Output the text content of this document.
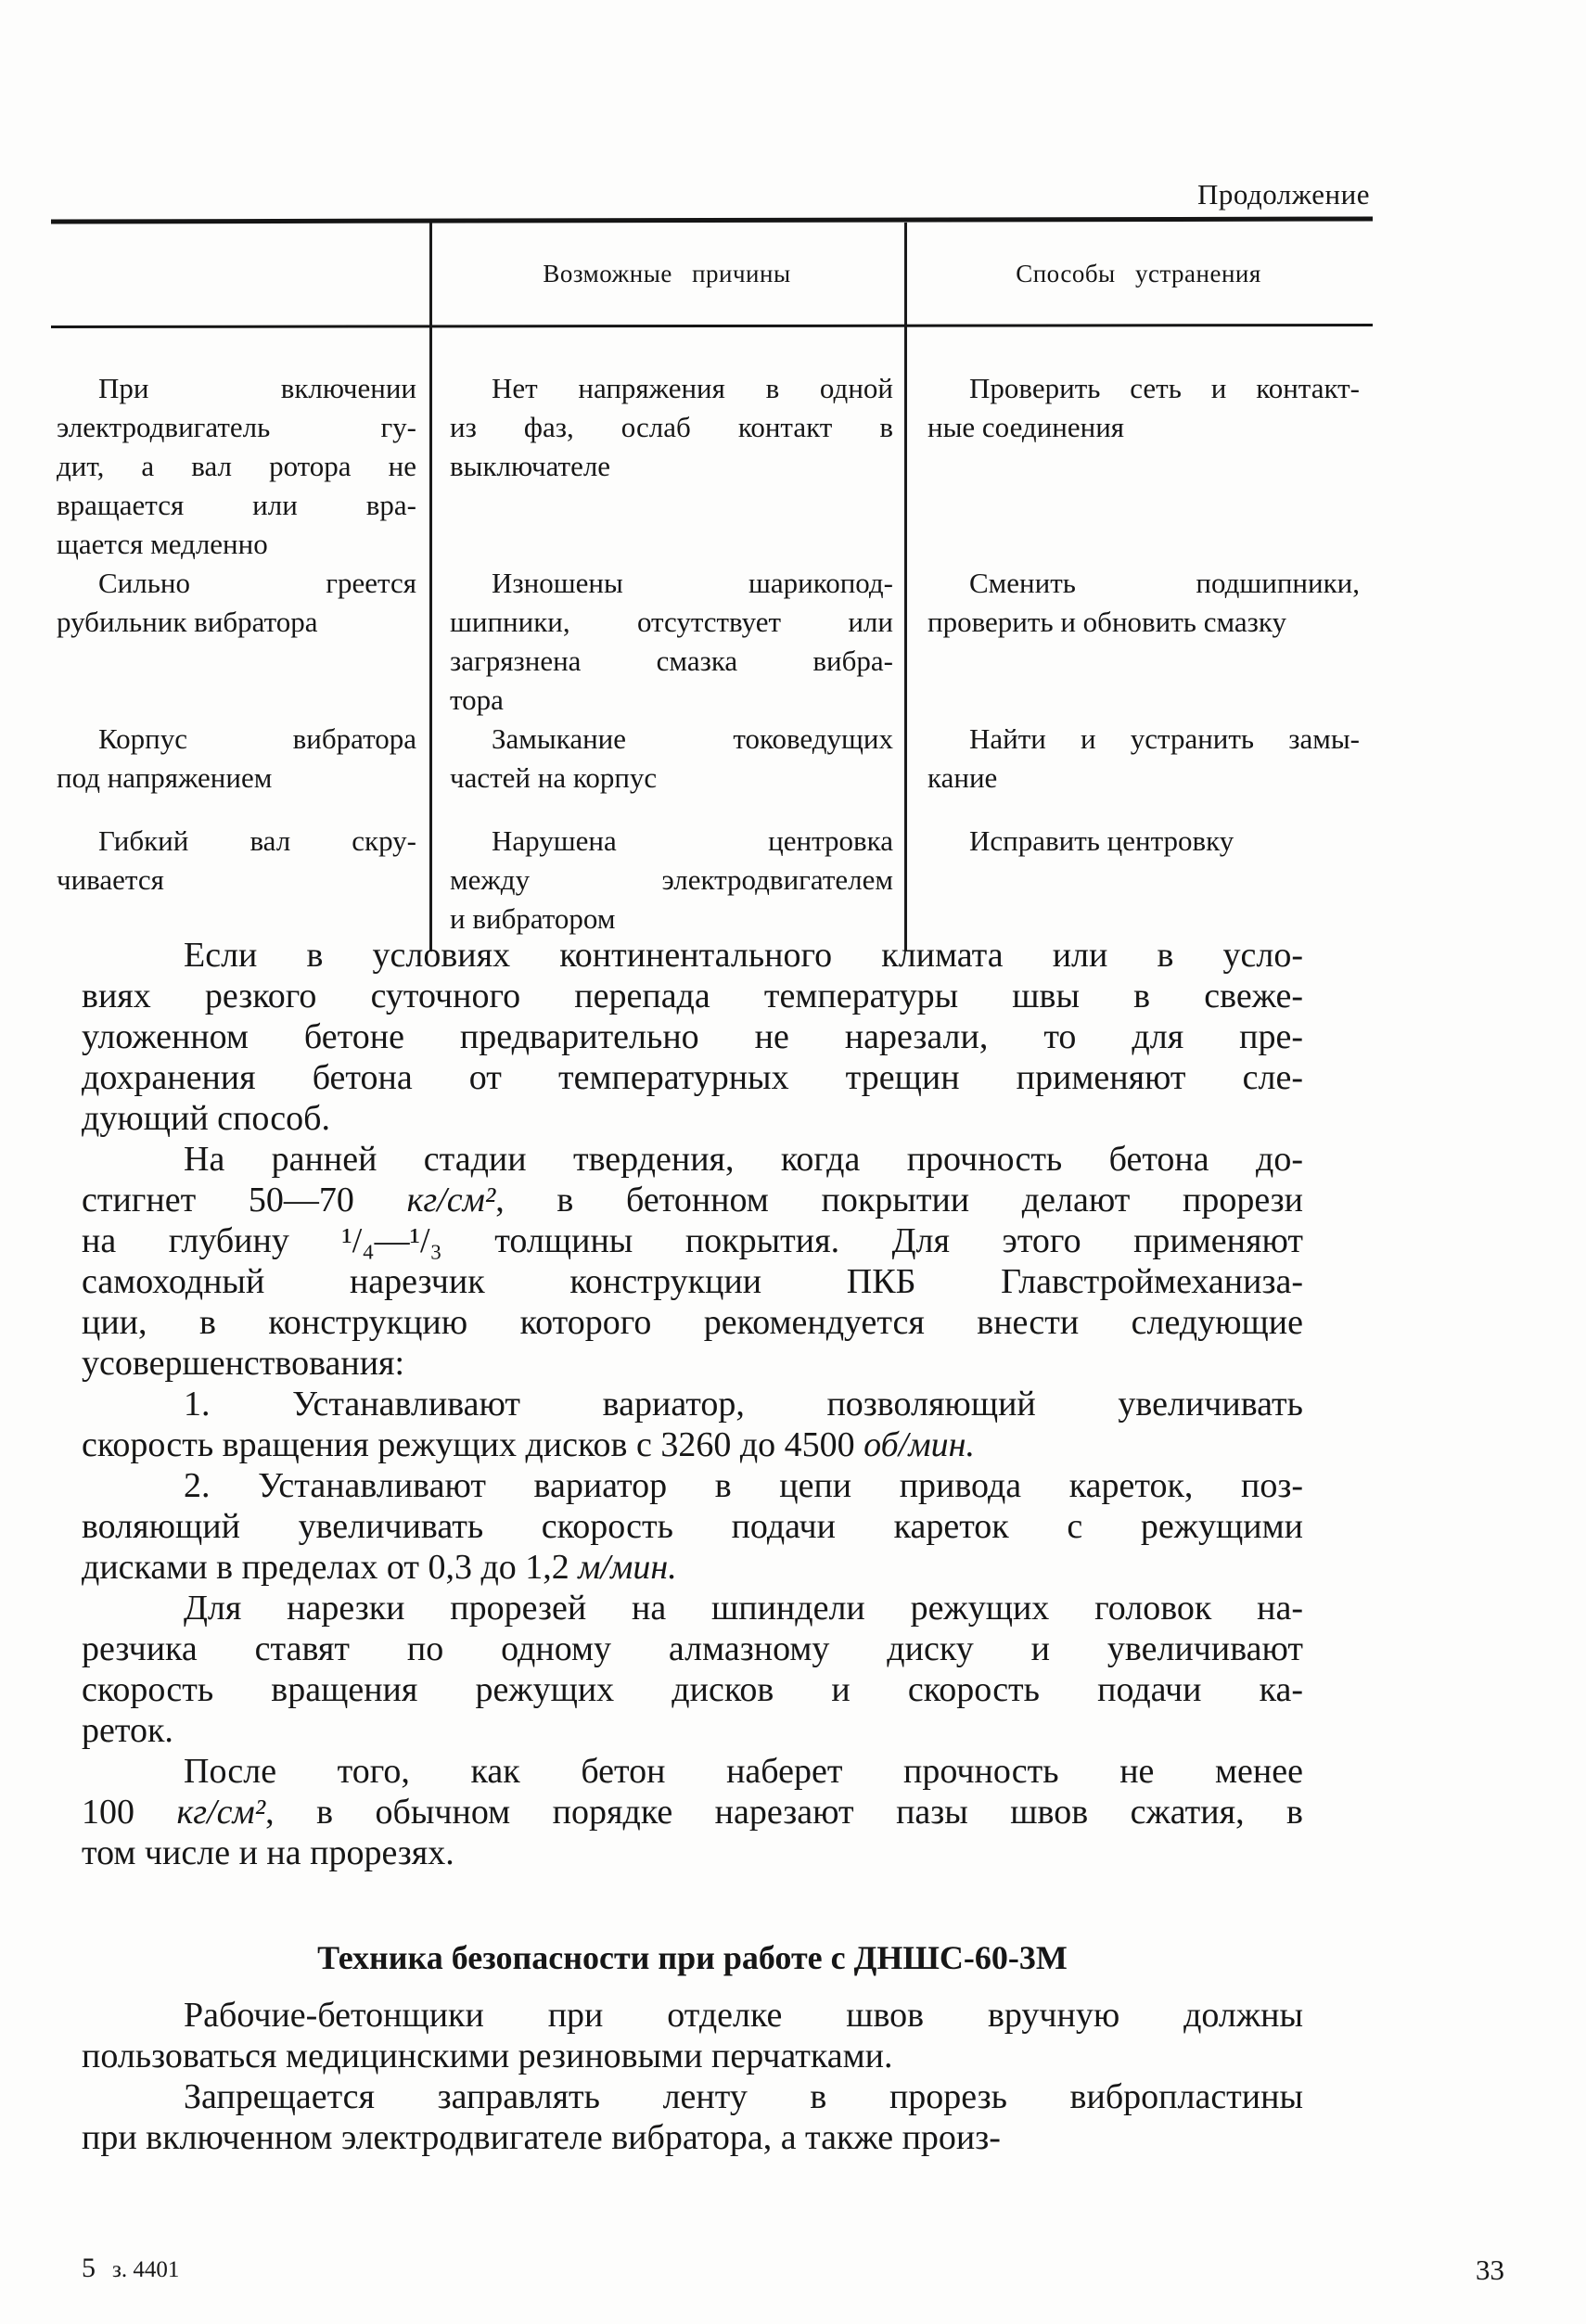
Продолжение
Возможные причины	Способы устранения
При включении
электродвигатель гу-
дит, а вал ротора не
вращается или вра-
щается медленно
Нет напряжения в одной
из фаз, ослаб контакт в
выключателе
Проверить сеть и контакт-
ные соединения
Сильно греется
рубильник вибратора
Изношены шарикопод-
шипники, отсутствует или
загрязнена смазка вибра-
тора
Сменить подшипники,
проверить и обновить смазку
Корпус вибратора
под напряжением
Замыкание токоведущих
частей на корпус
Найти и устранить замы-
кание
Гибкий вал скру-
чивается
Нарушена центровка
между электродвигателем
и вибратором
Исправить центровку
Если в условиях континентального климата или в усло-
виях резкого суточного перепада температуры швы в свеже-
уложенном бетоне предварительно не нарезали, то для пре-
дохранения бетона от температурных трещин применяют сле-
дующий способ.
На ранней стадии твердения, когда прочность бетона до-
стигнет 50—70 кг/см², в бетонном покрытии делают прорези
на глубину ¹/₄—¹/₃ толщины покрытия. Для этого применяют
самоходный нарезчик конструкции ПКБ Главстроймеханиза-
ции, в конструкцию которого рекомендуется внести следующие
усовершенствования:
1. Устанавливают вариатор, позволяющий увеличивать
скорость вращения режущих дисков с 3260 до 4500 об/мин.
2. Устанавливают вариатор в цепи привода кареток, поз-
воляющий увеличивать скорость подачи кареток с режущими
дисками в пределах от 0,3 до 1,2 м/мин.
Для нарезки прорезей на шпиндели режущих головок на-
резчика ставят по одному алмазному диску и увеличивают
скорость вращения режущих дисков и скорость подачи ка-
реток.
После того, как бетон наберет прочность не менее
100 кг/см², в обычном порядке нарезают пазы швов сжатия, в
том числе и на прорезях.
Техника безопасности при работе с ДНШС-60-3М
Рабочие-бетонщики при отделке швов вручную должны
пользоваться медицинскими резиновыми перчатками.
Запрещается заправлять ленту в прорезь вибропластины
при включенном электродвигателе вибратора, а также произ-
5 з. 4401	33
